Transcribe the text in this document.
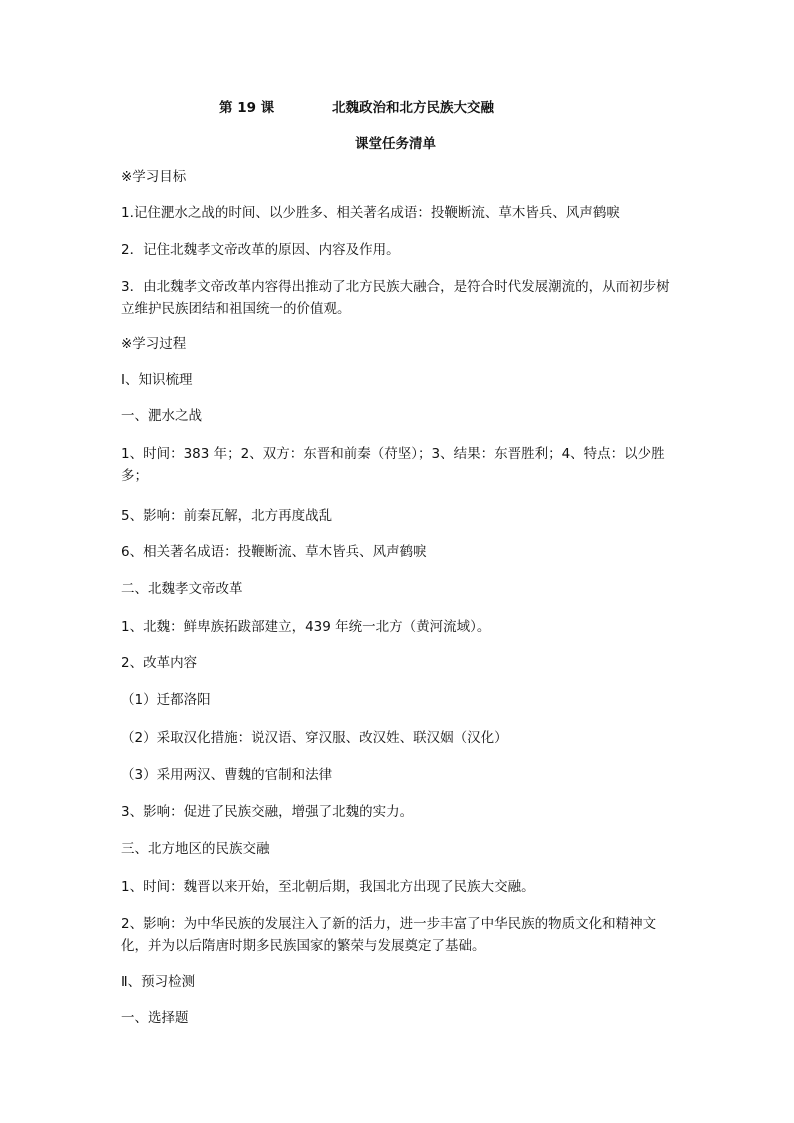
第 19 课	北魏政治和北方民族大交融
课堂任务清单
※学习目标
1.记住淝水之战的时间、以少胜多、相关著名成语：投鞭断流、草木皆兵、风声鹤唳
2．记住北魏孝文帝改革的原因、内容及作用。
3．由北魏孝文帝改革内容得出推动了北方民族大融合，是符合时代发展潮流的，从而初步树立维护民族团结和祖国统一的价值观。
※学习过程
Ⅰ、知识梳理
一、淝水之战
1、时间：383 年；2、双方：东晋和前秦（苻坚）；3、结果：东晋胜利；4、特点：以少胜多；
5、影响：前秦瓦解，北方再度战乱
6、相关著名成语：投鞭断流、草木皆兵、风声鹤唳
二、北魏孝文帝改革
1、北魏：鲜卑族拓跋部建立，439 年统一北方（黄河流域）。
2、改革内容
（1）迁都洛阳
（2）采取汉化措施：说汉语、穿汉服、改汉姓、联汉姻（汉化）
（3）采用两汉、曹魏的官制和法律
3、影响：促进了民族交融，增强了北魏的实力。
三、北方地区的民族交融
1、时间：魏晋以来开始，至北朝后期，我国北方出现了民族大交融。
2、影响：为中华民族的发展注入了新的活力，进一步丰富了中华民族的物质文化和精神文化，并为以后隋唐时期多民族国家的繁荣与发展奠定了基础。
Ⅱ、预习检测
一、选择题
